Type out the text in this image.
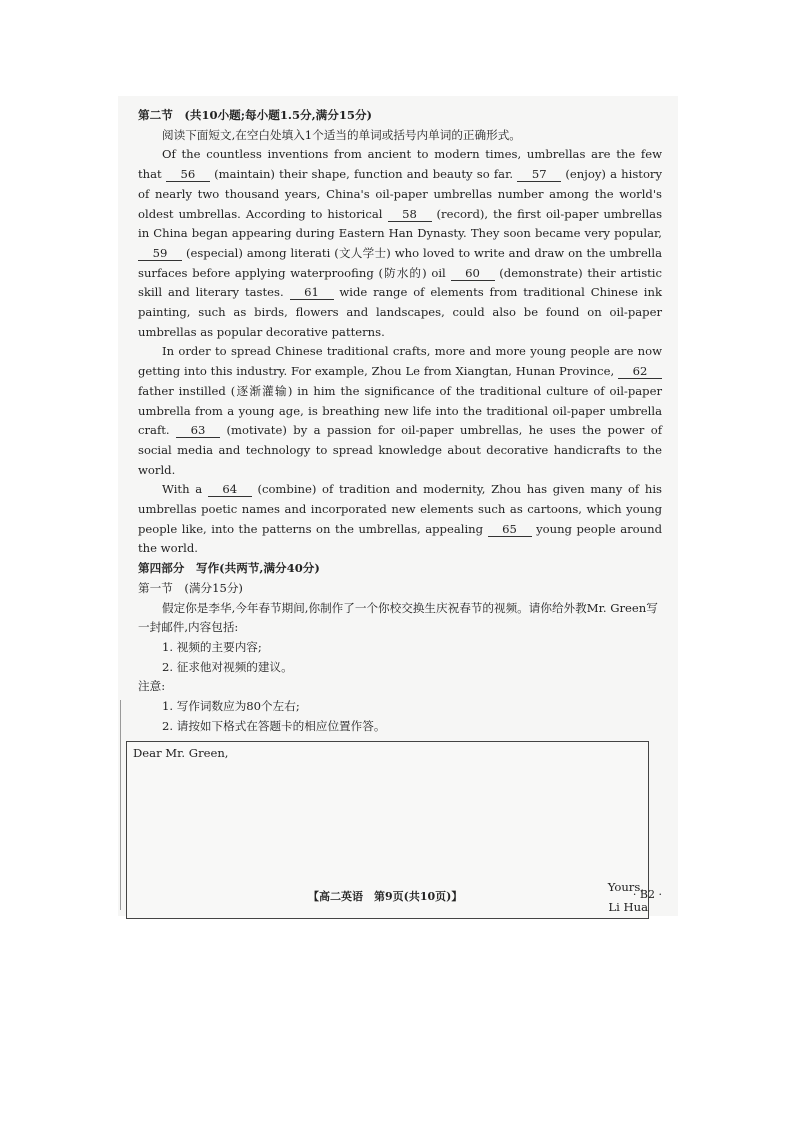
第二节　(共10小题;每小题1.5分,满分15分)

阅读下面短文,在空白处填入1个适当的单词或括号内单词的正确形式。

Of the countless inventions from ancient to modern times, umbrellas are the few that 56 (maintain) their shape, function and beauty so far. 57 (enjoy) a history of nearly two thousand years, China's oil-paper umbrellas number among the world's oldest umbrellas. According to historical 58 (record), the first oil-paper umbrellas in China began appearing during Eastern Han Dynasty. They soon became very popular, 59 (especial) among literati (文人学士) who loved to write and draw on the umbrella surfaces before applying waterproofing (防水的) oil 60 (demonstrate) their artistic skill and literary tastes. 61 wide range of elements from traditional Chinese ink painting, such as birds, flowers and landscapes, could also be found on oil-paper umbrellas as popular decorative patterns.

In order to spread Chinese traditional crafts, more and more young people are now getting into this industry. For example, Zhou Le from Xiangtan, Hunan Province, 62 father instilled (逐渐灌输) in him the significance of the traditional culture of oil-paper umbrella from a young age, is breathing new life into the traditional oil-paper umbrella craft. 63 (motivate) by a passion for oil-paper umbrellas, he uses the power of social media and technology to spread knowledge about decorative handicrafts to the world.

With a 64 (combine) of tradition and modernity, Zhou has given many of his umbrellas poetic names and incorporated new elements such as cartoons, which young people like, into the patterns on the umbrellas, appealing 65 young people around the world.

第四部分　写作(共两节,满分40分)

第一节　(满分15分)

假定你是李华,今年春节期间,你制作了一个你校交换生庆祝春节的视频。请你给外教Mr. Green写一封邮件,内容包括:

1. 视频的主要内容;

2. 征求他对视频的建议。

注意:

1. 写作词数应为80个左右;

2. 请按如下格式在答题卡的相应位置作答。

Dear Mr. Green,
Yours,
Li Hua
【高二英语　第9页(共10页)】	· B2 ·
